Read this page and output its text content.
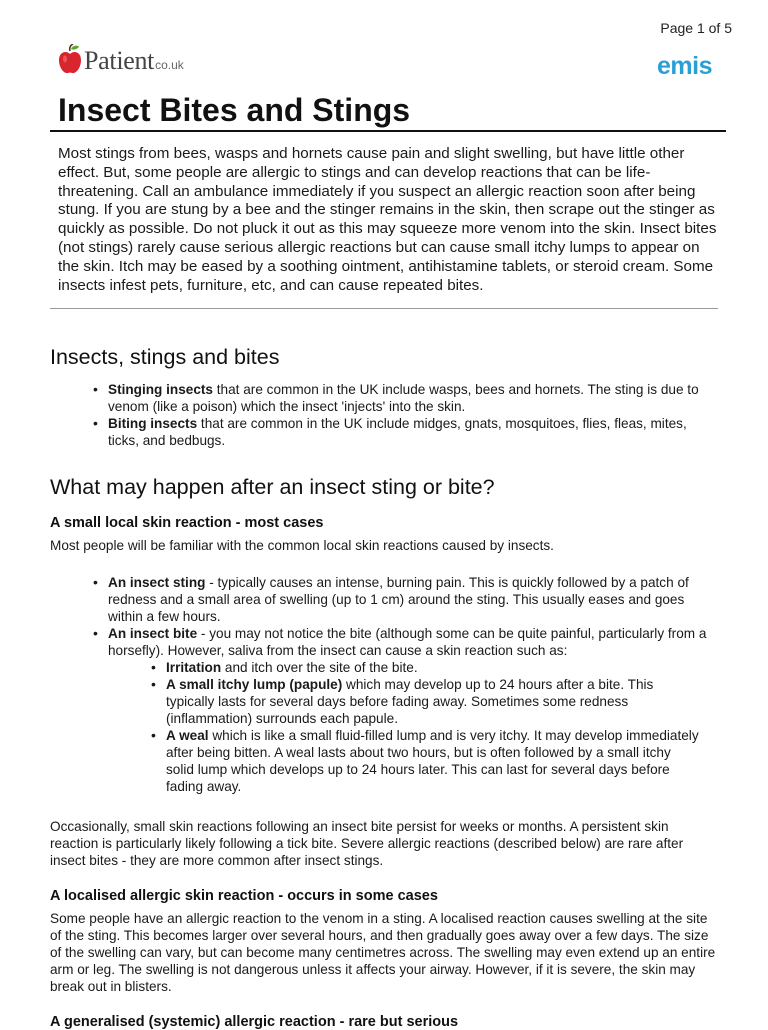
Page 1 of 5
Patient co.uk	emis
Insect Bites and Stings

Most stings from bees, wasps and hornets cause pain and slight swelling, but have little other effect. But, some people are allergic to stings and can develop reactions that can be life-threatening. Call an ambulance immediately if you suspect an allergic reaction soon after being stung. If you are stung by a bee and the stinger remains in the skin, then scrape out the stinger as quickly as possible. Do not pluck it out as this may squeeze more venom into the skin. Insect bites (not stings) rarely cause serious allergic reactions but can cause small itchy lumps to appear on the skin. Itch may be eased by a soothing ointment, antihistamine tablets, or steroid cream. Some insects infest pets, furniture, etc, and can cause repeated bites.

Insects, stings and bites
• Stinging insects that are common in the UK include wasps, bees and hornets. The sting is due to venom (like a poison) which the insect 'injects' into the skin.
• Biting insects that are common in the UK include midges, gnats, mosquitoes, flies, fleas, mites, ticks, and bedbugs.
What may happen after an insect sting or bite?
A small local skin reaction - most cases

Most people will be familiar with the common local skin reactions caused by insects.

• An insect sting - typically causes an intense, burning pain. This is quickly followed by a patch of redness and a small area of swelling (up to 1 cm) around the sting. This usually eases and goes within a few hours.
• An insect bite - you may not notice the bite (although some can be quite painful, particularly from a horsefly). However, saliva from the insect can cause a skin reaction such as:
• Irritation and itch over the site of the bite.
• A small itchy lump (papule) which may develop up to 24 hours after a bite. This typically lasts for several days before fading away. Sometimes some redness (inflammation) surrounds each papule.
• A weal which is like a small fluid-filled lump and is very itchy. It may develop immediately after being bitten. A weal lasts about two hours, but is often followed by a small itchy solid lump which develops up to 24 hours later. This can last for several days before fading away.

Occasionally, small skin reactions following an insect bite persist for weeks or months. A persistent skin reaction is particularly likely following a tick bite. Severe allergic reactions (described below) are rare after insect bites - they are more common after insect stings.

A localised allergic skin reaction - occurs in some cases

Some people have an allergic reaction to the venom in a sting. A localised reaction causes swelling at the site of the sting. This becomes larger over several hours, and then gradually goes away over a few days. The size of the swelling can vary, but can become many centimetres across. The swelling may even extend up an entire arm or leg. The swelling is not dangerous unless it affects your airway. However, if it is severe, the skin may break out in blisters.

A generalised (systemic) allergic reaction - rare but serious
